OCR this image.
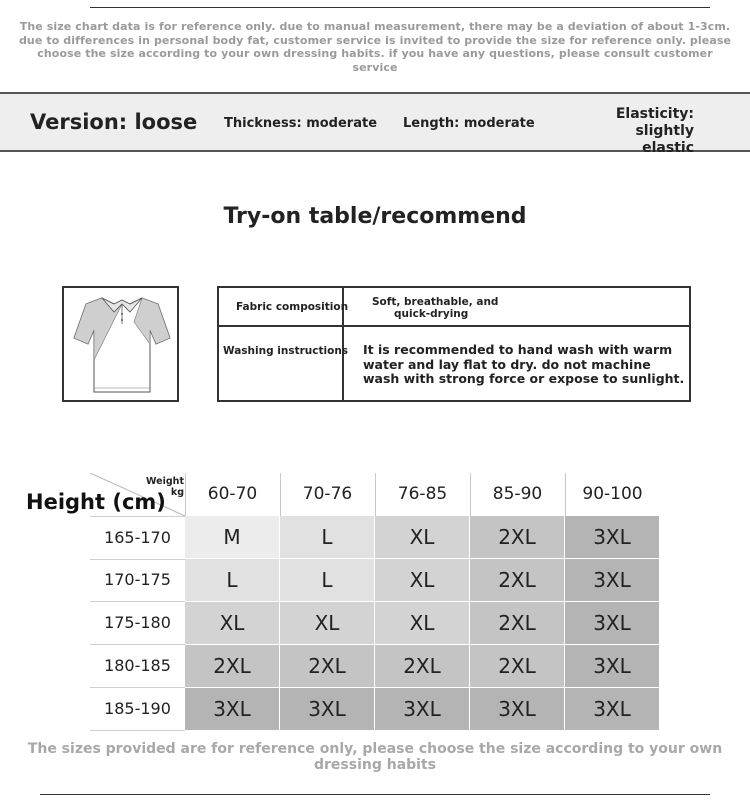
The size chart data is for reference only. due to manual measurement, there may be a deviation of about 1-3cm. due to differences in personal body fat, customer service is invited to provide the size for reference only. please choose the size according to your own dressing habits. if you have any questions, please consult customer service
Version: loose Thickness: moderate Length: moderate
Elasticity:
slightly elastic
Try-on table/recommend
Fabric composition Soft, breathable, and
quick-drying
Washing instructions It is recommended to hand wash with warm
water and lay flat to dry. do not machine
wash with strong force or expose to sunlight.
Weight
kg
Height (cm)	60-70	70-76	76-85	85-90	90-100
165-170	M	L	XL	2XL	3XL
170-175	L	L	XL	2XL	3XL
175-180	XL	XL	XL	2XL	3XL
180-185	2XL	2XL	2XL	2XL	3XL
185-190	3XL	3XL	3XL	3XL	3XL
The sizes provided are for reference only, please choose the size according to your own dressing habits
